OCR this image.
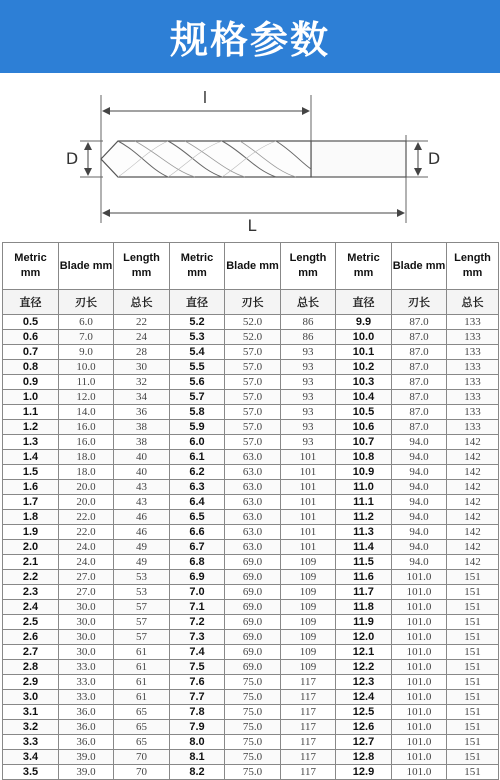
规格参数
l
L
D	D
Metric mm	Blade mm	Length mm	Metric mm	Blade mm	Length mm	Metric mm	Blade mm	Length mm
直径	刃长	总长	直径	刃长	总长	直径	刃长	总长
0.5	6.0	22	5.2	52.0	86	9.9	87.0	133
0.6	7.0	24	5.3	52.0	86	10.0	87.0	133
0.7	9.0	28	5.4	57.0	93	10.1	87.0	133
0.8	10.0	30	5.5	57.0	93	10.2	87.0	133
0.9	11.0	32	5.6	57.0	93	10.3	87.0	133
1.0	12.0	34	5.7	57.0	93	10.4	87.0	133
1.1	14.0	36	5.8	57.0	93	10.5	87.0	133
1.2	16.0	38	5.9	57.0	93	10.6	87.0	133
1.3	16.0	38	6.0	57.0	93	10.7	94.0	142
1.4	18.0	40	6.1	63.0	101	10.8	94.0	142
1.5	18.0	40	6.2	63.0	101	10.9	94.0	142
1.6	20.0	43	6.3	63.0	101	11.0	94.0	142
1.7	20.0	43	6.4	63.0	101	11.1	94.0	142
1.8	22.0	46	6.5	63.0	101	11.2	94.0	142
1.9	22.0	46	6.6	63.0	101	11.3	94.0	142
2.0	24.0	49	6.7	63.0	101	11.4	94.0	142
2.1	24.0	49	6.8	69.0	109	11.5	94.0	142
2.2	27.0	53	6.9	69.0	109	11.6	101.0	151
2.3	27.0	53	7.0	69.0	109	11.7	101.0	151
2.4	30.0	57	7.1	69.0	109	11.8	101.0	151
2.5	30.0	57	7.2	69.0	109	11.9	101.0	151
2.6	30.0	57	7.3	69.0	109	12.0	101.0	151
2.7	30.0	61	7.4	69.0	109	12.1	101.0	151
2.8	33.0	61	7.5	69.0	109	12.2	101.0	151
2.9	33.0	61	7.6	75.0	117	12.3	101.0	151
3.0	33.0	61	7.7	75.0	117	12.4	101.0	151
3.1	36.0	65	7.8	75.0	117	12.5	101.0	151
3.2	36.0	65	7.9	75.0	117	12.6	101.0	151
3.3	36.0	65	8.0	75.0	117	12.7	101.0	151
3.4	39.0	70	8.1	75.0	117	12.8	101.0	151
3.5	39.0	70	8.2	75.0	117	12.9	101.0	151
